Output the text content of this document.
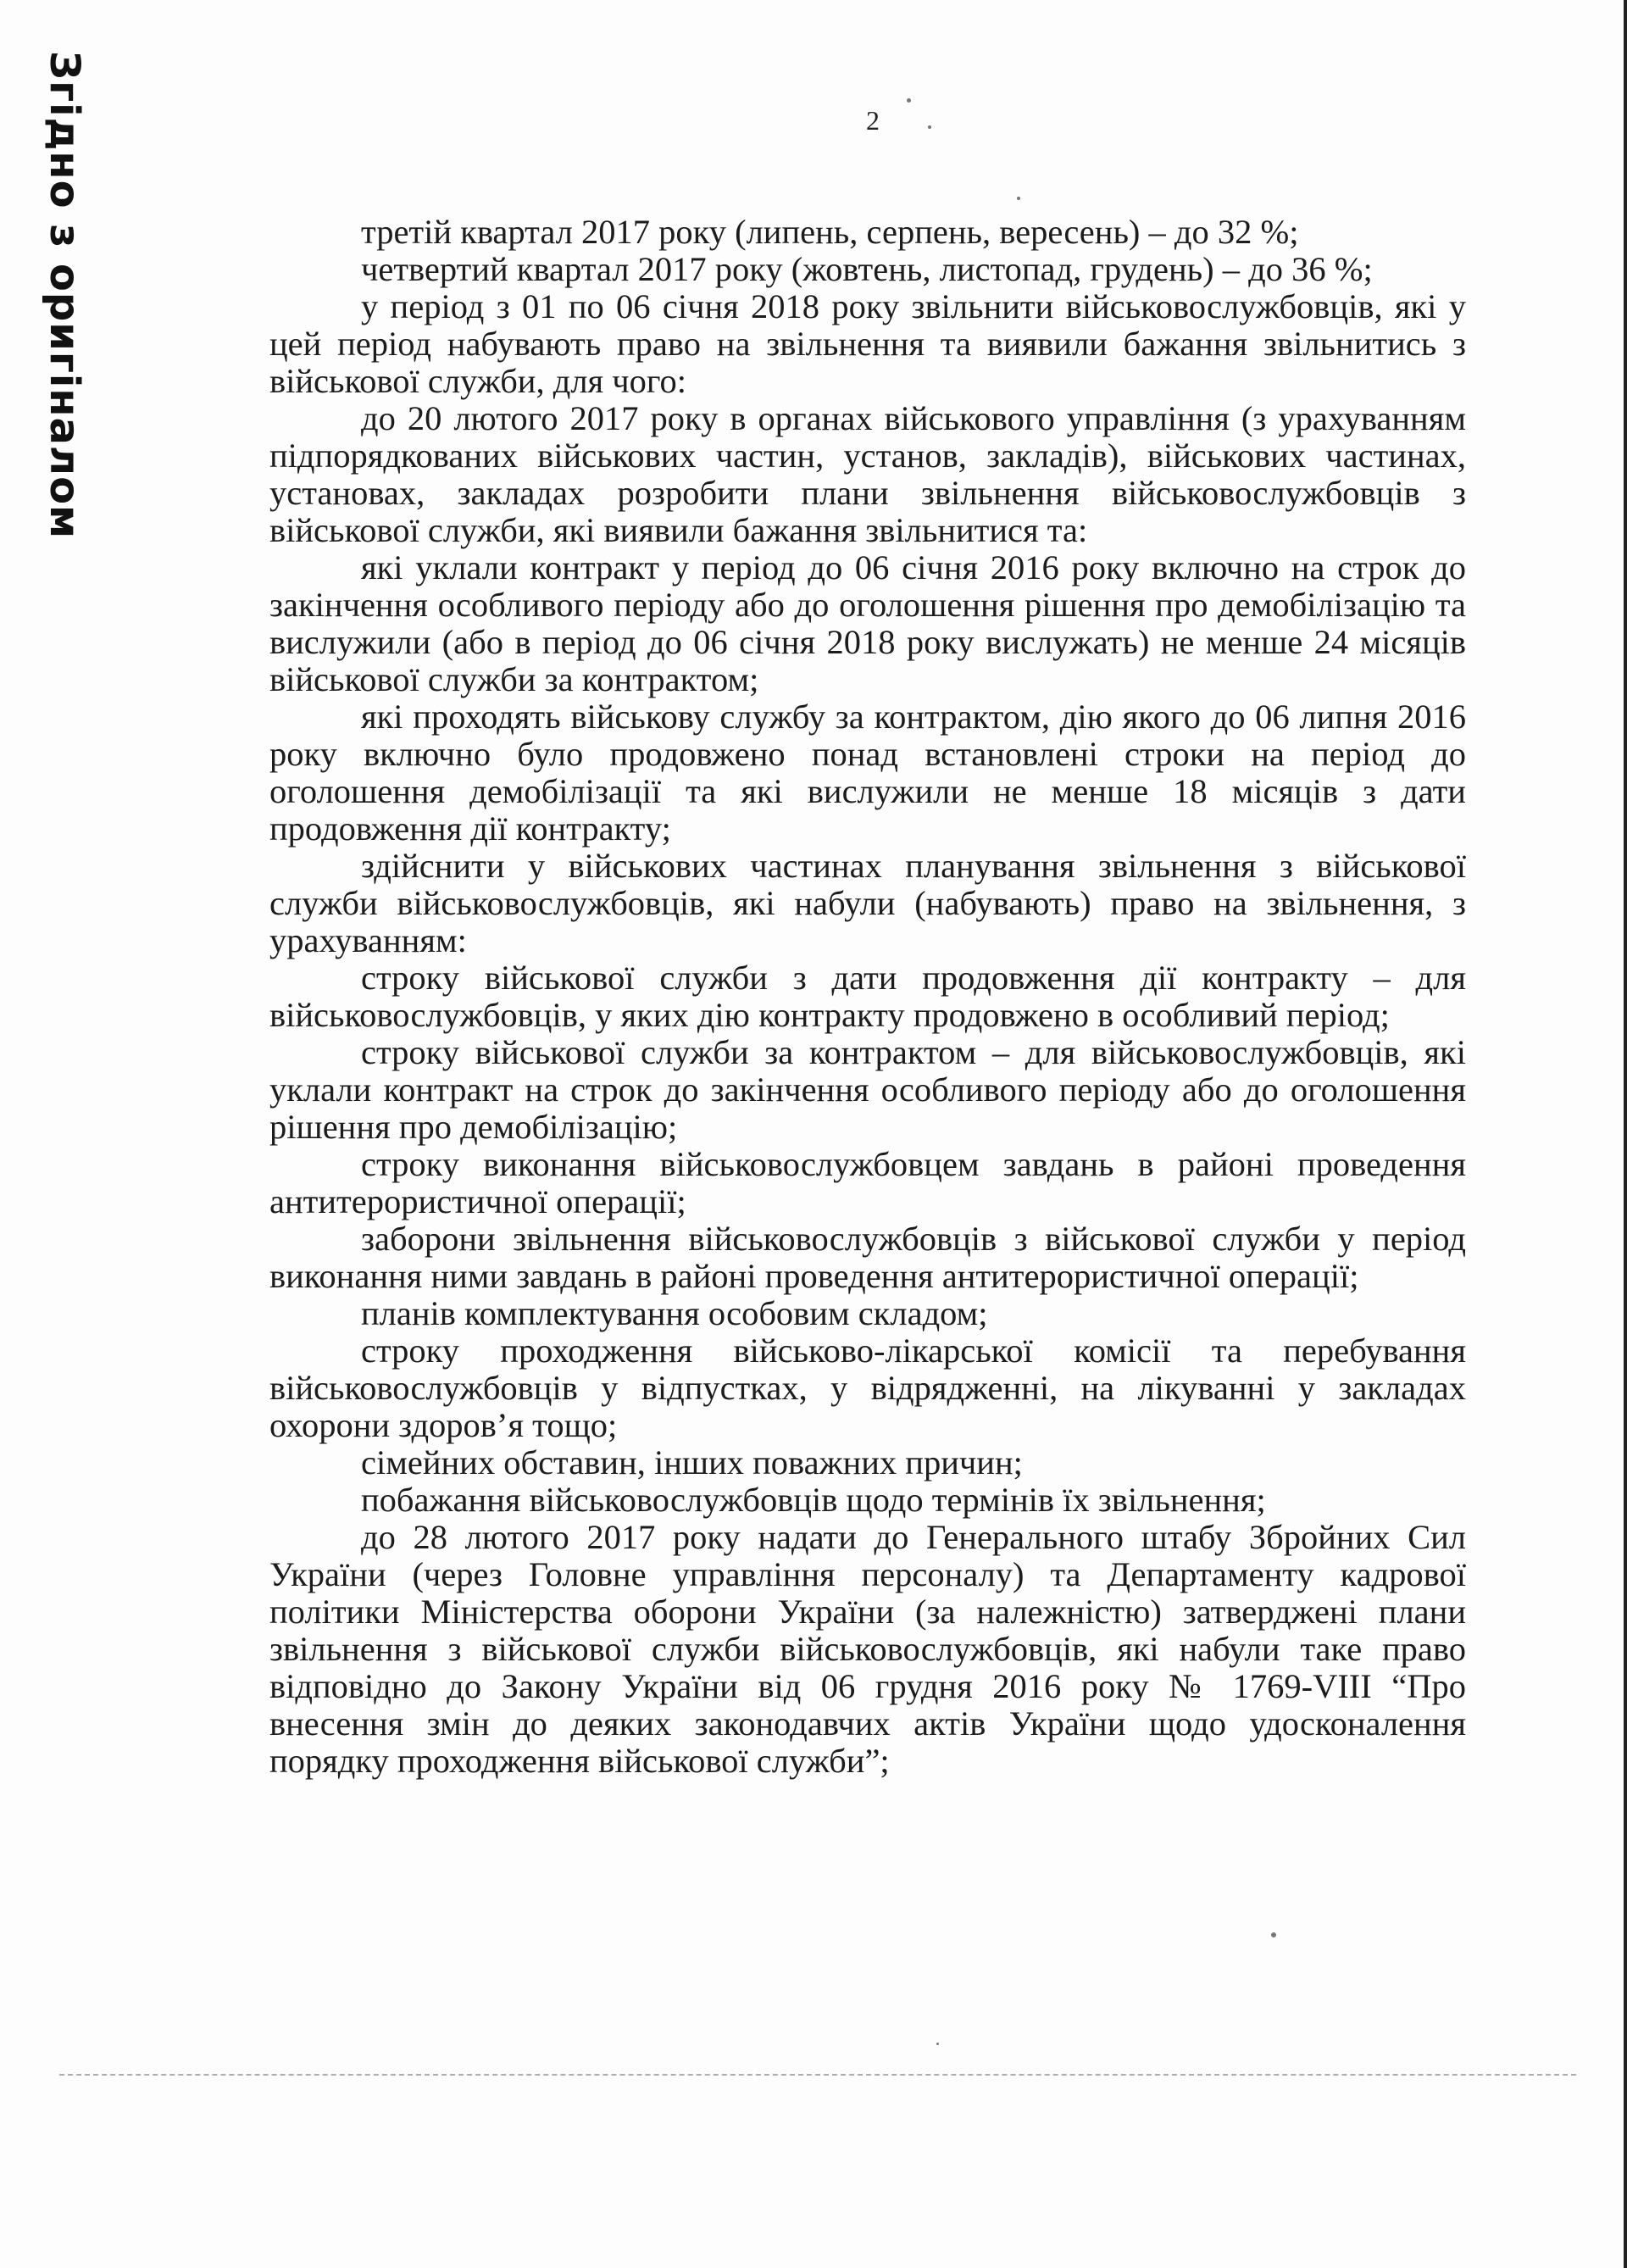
Згідно з оригіналом	2

третій квартал 2017 року (липень, серпень, вересень) – до 32 %;

четвертий квартал 2017 року (жовтень, листопад, грудень) – до 36 %;

у період з 01 по 06 січня 2018 року звільнити військовослужбовців, які у цей період набувають право на звільнення та виявили бажання звільнитись з військової служби, для чого:

до 20 лютого 2017 року в органах військового управління (з урахуванням підпорядкованих військових частин, установ, закладів), військових частинах, установах, закладах розробити плани звільнення військовослужбовців з військової служби, які виявили бажання звільнитися та:

які уклали контракт у період до 06 січня 2016 року включно на строк до закінчення особливого періоду або до оголошення рішення про демобілізацію та вислужили (або в період до 06 січня 2018 року вислужать) не менше 24 місяців військової служби за контрактом;

які проходять військову службу за контрактом, дію якого до 06 липня 2016 року включно було продовжено понад встановлені строки на період до оголошення демобілізації та які вислужили не менше 18 місяців з дати продовження дії контракту;

здійснити у військових частинах планування звільнення з військової служби військовослужбовців, які набули (набувають) право на звільнення, з урахуванням:

строку військової служби з дати продовження дії контракту – для військовослужбовців, у яких дію контракту продовжено в особливий період;

строку військової служби за контрактом – для військовослужбовців, які уклали контракт на строк до закінчення особливого періоду або до оголошення рішення про демобілізацію;

строку виконання військовослужбовцем завдань в районі проведення антитерористичної операції;

заборони звільнення військовослужбовців з військової служби у період виконання ними завдань в районі проведення антитерористичної операції;

планів комплектування особовим складом;

строку проходження військово-лікарської комісії та перебування військовослужбовців у відпустках, у відрядженні, на лікуванні у закладах охорони здоров’я тощо;

сімейних обставин, інших поважних причин;

побажання військовослужбовців щодо термінів їх звільнення;

до 28 лютого 2017 року надати до Генерального штабу Збройних Сил України (через Головне управління персоналу) та Департаменту кадрової політики Міністерства оборони України (за належністю) затверджені плани звільнення з військової служби військовослужбовців, які набули таке право відповідно до Закону України від 06 грудня 2016 року № 1769-VIII “Про внесення змін до деяких законодавчих актів України щодо удосконалення порядку проходження військової служби”;
